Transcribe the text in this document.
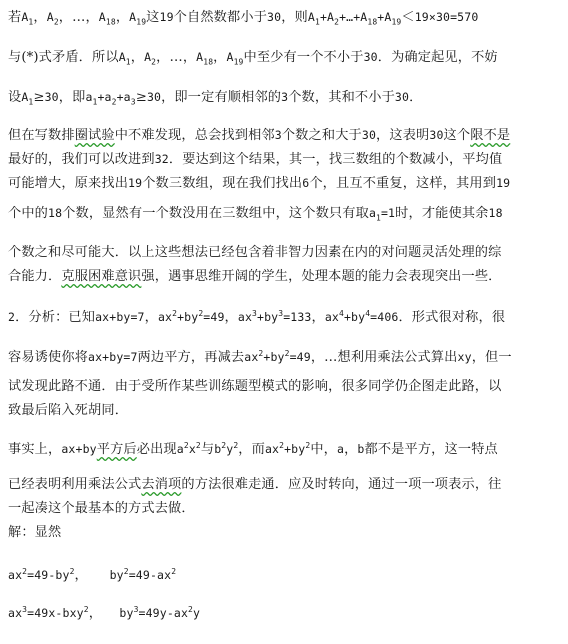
若$A_1$，$A_2$，…，$A_{18}$，$A_{19}$这19个自然数都小于30，则$A_1+A_2+\dots+A_{18}+A_{19}<19\times 30=570$
与(*)式矛盾．所以$A_1$，$A_2$，…，$A_{18}$，$A_{19}$中至少有一个不小于30．为确定起见，不妨
设$A_1\ge 30$，即$a_1+a_2+a_3\ge 30$，即一定有顺相邻的3个数，其和不小于30．
但在写数排圈试验中不难发现，总会找到相邻3个数之和大于30，这表明30这个限不是
最好的，我们可以改进到32．要达到这个结果，其一，找三数组的个数减小，平均值
可能增大，原来找出19个数三数组，现在我们找出6个，且互不重复，这样，其用到19
个中的18个数，显然有一个数没用在三数组中，这个数只有取$a_1=1$时，才能使其余18
个数之和尽可能大．以上这些想法已经包含着非智力因素在内的对问题灵活处理的综
合能力．克服困难意识强，遇事思维开阔的学生，处理本题的能力会表现突出一些．
2．分析：已知ax+by=7，$ax^2+by^2=49$，$ax^3+by^3=133$，$ax^4+by^4=406$．形式很对称，很
容易诱使你将ax+by=7两边平方，再减去$ax^2+by^2=49$，…想利用乘法公式算出xy，但一
试发现此路不通．由于受所作某些训练题型模式的影响，很多同学仍企图走此路，以
致最后陷入死胡同．
事实上，ax+by平方后必出现$a^2x^2$与$b^2y^2$，而$ax^2+by^2$中，a，b都不是平方，这一特点
已经表明利用乘法公式去消项的方法很难走通．应及时转向，通过一项一项表示，往
一起凑这个最基本的方式去做．
解：显然
$ax^2=49-by^2$，     $by^2=49-ax^2$
$ax^3=49x-bxy^2$，    $by^3=49y-ax^2y$
